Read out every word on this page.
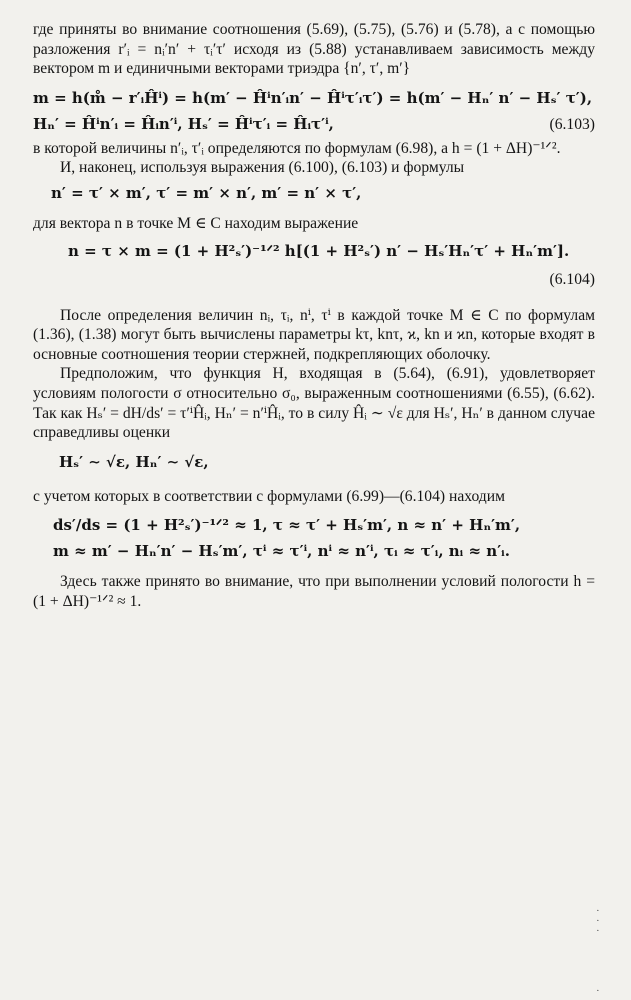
где приняты во внимание соотношения (5.69), (5.75), (5.76) и (5.78), а с помощью разложения r′ᵢ = nᵢ′n′ + τᵢ′τ′ исходя из (5.88) устанавливаем зависимость между вектором m и единичными векторами триэдра {n′, τ′, m′}

m = h(m̊ − r′ᵢĤⁱ) = h(m′ − Ĥⁱn′ᵢn′ − Ĥⁱτ′ᵢτ′) = h(m′ − Hₙ′ n′ − Hₛ′ τ′),
Hₙ′ = Ĥⁱn′ᵢ = Ĥᵢn′ⁱ, Hₛ′ = Ĥⁱτ′ᵢ = Ĥᵢτ′ⁱ,	(6.103)

в которой величины n′ᵢ, τ′ᵢ определяются по формулам (6.98), а h = (1 + ΔH)⁻¹ᐟ².

И, наконец, используя выражения (6.100), (6.103) и формулы

n′ = τ′ × m′, τ′ = m′ × n′, m′ = n′ × τ′,

для вектора n в точке M ∈ C находим выражение

n = τ × m = (1 + H²ₛ′)⁻¹ᐟ² h[(1 + H²ₛ′) n′ − Hₛ′Hₙ′τ′ + Hₙ′m′].
(6.104)

После определения величин nᵢ, τᵢ, nⁱ, τⁱ в каждой точке M ∈ C по формулам (1.36), (1.38) могут быть вычислены параметры kτ, knτ, ϰ, kn и ϰn, которые входят в основные соотношения теории стержней, подкрепляющих оболочку.

Предположим, что функция H, входящая в (5.64), (6.91), удовлетворяет условиям пологости σ относительно σ₀, выраженным соотношениями (6.55), (6.62). Так как Hₛ′ = dH/ds′ = τ′ⁱĤᵢ, Hₙ′ = n′ⁱĤᵢ, то в силу Ĥᵢ ∼ √ε для Hₛ′, Hₙ′ в данном случае справедливы оценки

Hₛ′ ∼ √ε, Hₙ′ ∼ √ε,

с учетом которых в соответствии с формулами (6.99)—(6.104) находим

ds′/ds = (1 + H²ₛ′)⁻¹ᐟ² ≈ 1, τ ≈ τ′ + Hₛ′m′, n ≈ n′ + Hₙ′m′,
m ≈ m′ − Hₙ′n′ − Hₛ′m′, τⁱ ≈ τ′ⁱ, nⁱ ≈ n′ⁱ, τᵢ ≈ τ′ᵢ, nᵢ ≈ n′ᵢ.

Здесь также принято во внимание, что при выполнении условий пологости h = (1 + ΔH)⁻¹ᐟ² ≈ 1.

·
·
·
·
